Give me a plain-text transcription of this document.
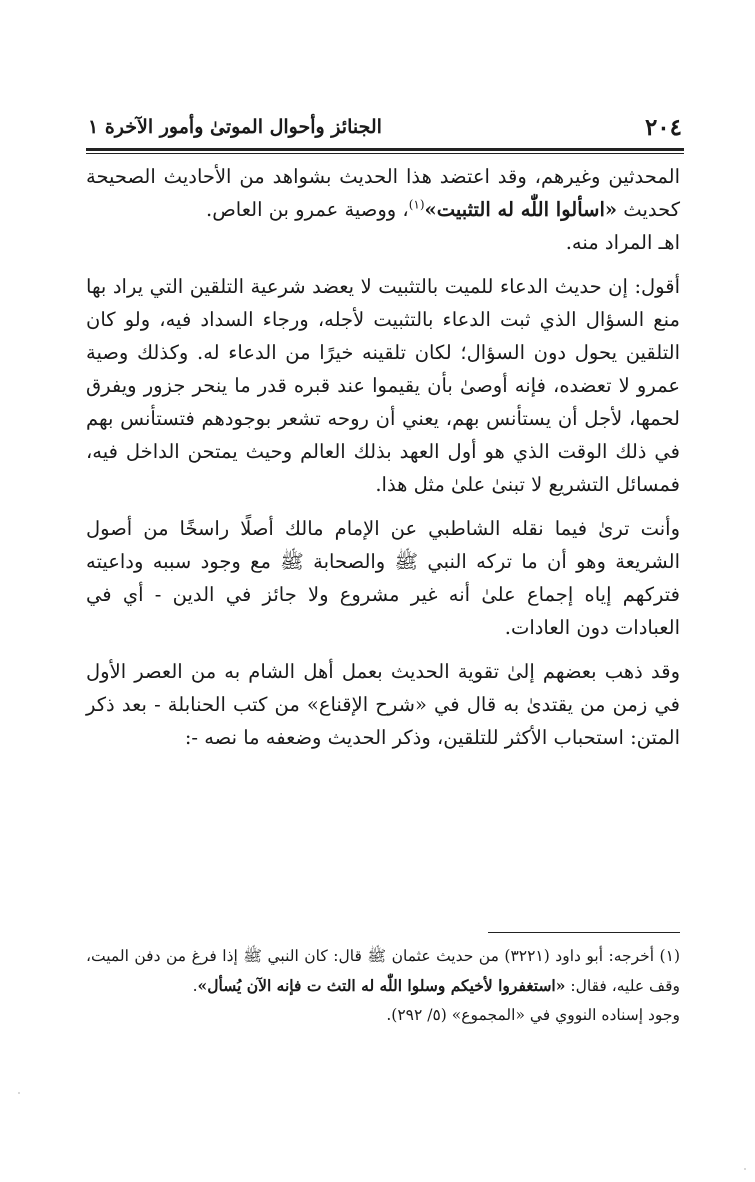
٢٠٤
الجنائز وأحوال الموتىٰ وأمور الآخرة ١

المحدثين وغيرهم، وقد اعتضد هذا الحديث بشواهد من الأحاديث الصحيحة كحديث «اسألوا اللّٰه له التثبيت»$^{(١)}$، ووصية عمرو بن العاص.

اهـ المراد منه.

أقول: إن حديث الدعاء للميت بالتثبيت لا يعضد شرعية التلقين التي يراد بها منع السؤال الذي ثبت الدعاء بالتثبيت لأجله، ورجاء السداد فيه، ولو كان التلقين يحول دون السؤال؛ لكان تلقينه خيرًا من الدعاء له. وكذلك وصية عمرو لا تعضده، فإنه أوصىٰ بأن يقيموا عند قبره قدر ما ينحر جزور ويفرق لحمها، لأجل أن يستأنس بهم، يعني أن روحه تشعر بوجودهم فتستأنس بهم في ذلك الوقت الذي هو أول العهد بذلك العالم وحيث يمتحن الداخل فيه، فمسائل التشريع لا تبنىٰ علىٰ مثل هذا.

وأنت ترىٰ فيما نقله الشاطبي عن الإمام مالك أصلًا راسخًا من أصول الشريعة وهو أن ما تركه النبي ﷺ والصحابة ﷺ مع وجود سببه وداعيته فتركهم إياه إجماع علىٰ أنه غير مشروع ولا جائز في الدين - أي في العبادات دون العادات.

وقد ذهب بعضهم إلىٰ تقوية الحديث بعمل أهل الشام به من العصر الأول في زمن من يقتدىٰ به قال في «شرح الإقناع» من كتب الحنابلة - بعد ذكر المتن: استحباب الأكثر للتلقين، وذكر الحديث وضعفه ما نصه -:

(١) أخرجه: أبو داود (٣٢٢١) من حديث عثمان ﷺ قال: كان النبي ﷺ إذا فرغ من دفن الميت، وقف عليه، فقال: «استغفروا لأخيكم وسلوا اللّٰه له التث ت فإنه الآن يُسأل».

وجود إسناده النووي في «المجموع» (٥/ ٢٩٢).
